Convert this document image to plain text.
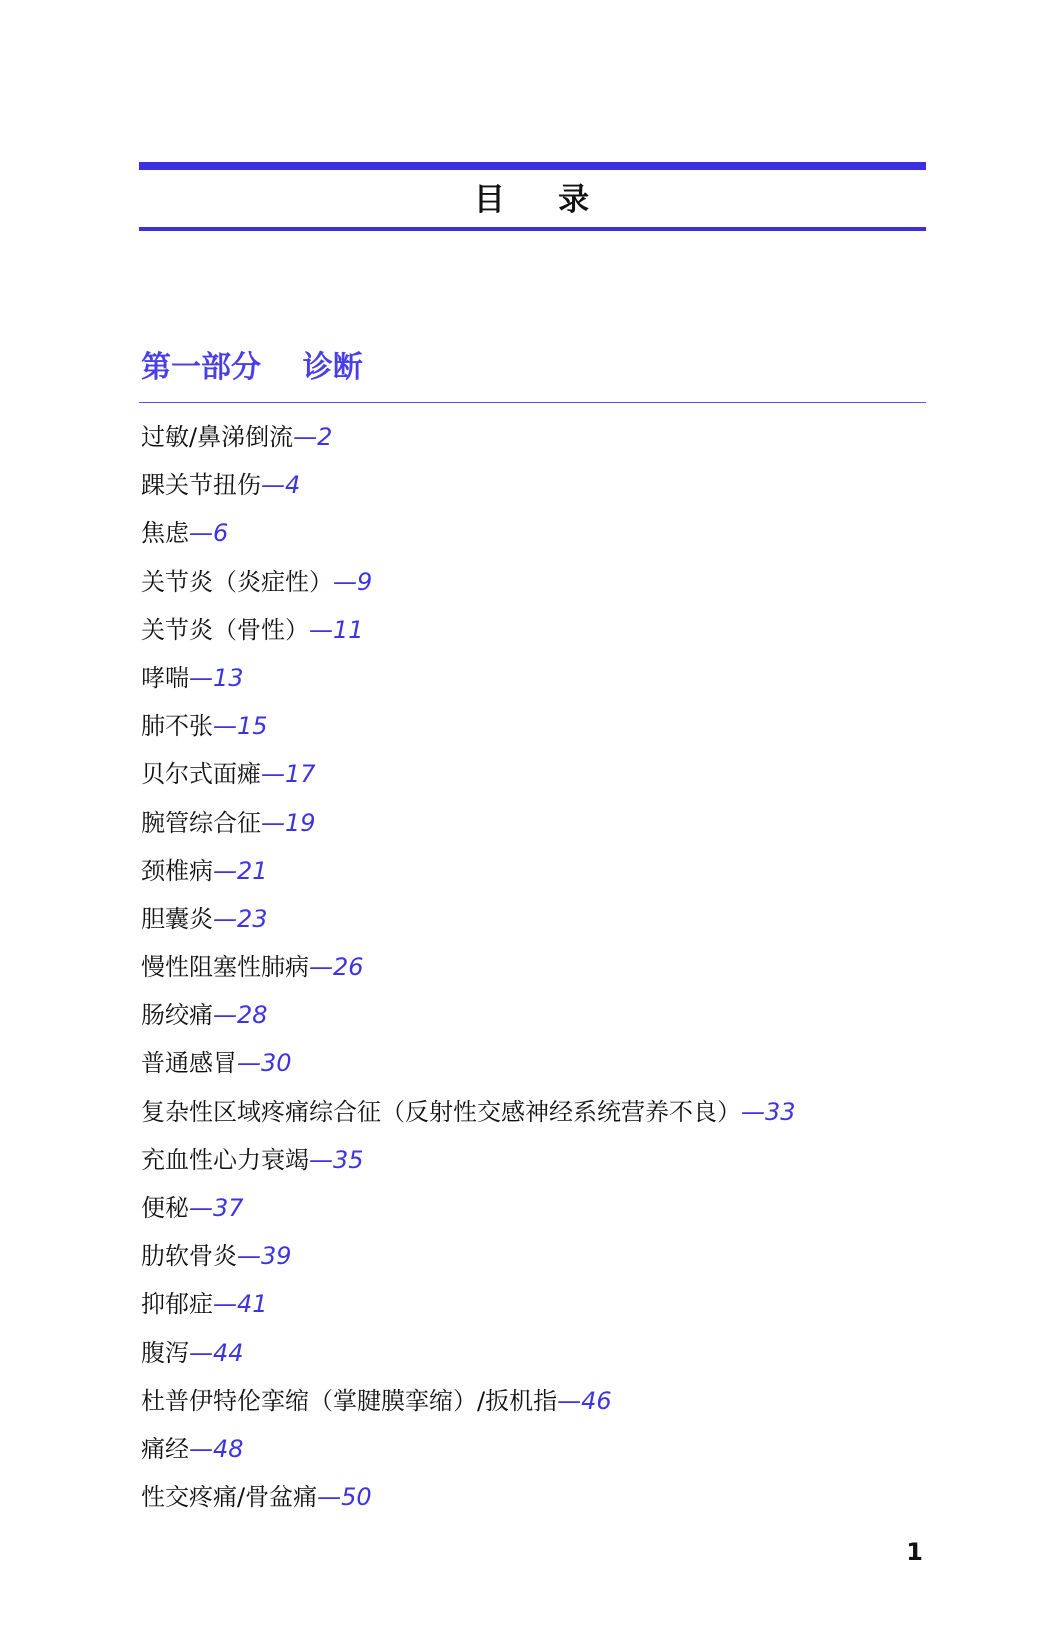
目    录
第一部分    诊断
过敏/鼻涕倒流—2
踝关节扭伤—4
焦虑—6
关节炎（炎症性）—9
关节炎（骨性）—11
哮喘—13
肺不张—15
贝尔式面瘫—17
腕管综合征—19
颈椎病—21
胆囊炎—23
慢性阻塞性肺病—26
肠绞痛—28
普通感冒—30
复杂性区域疼痛综合征（反射性交感神经系统营养不良）—33
充血性心力衰竭—35
便秘—37
肋软骨炎—39
抑郁症—41
腹泻—44
杜普伊特伦挛缩（掌腱膜挛缩）/扳机指—46
痛经—48
性交疼痛/骨盆痛—50
1
